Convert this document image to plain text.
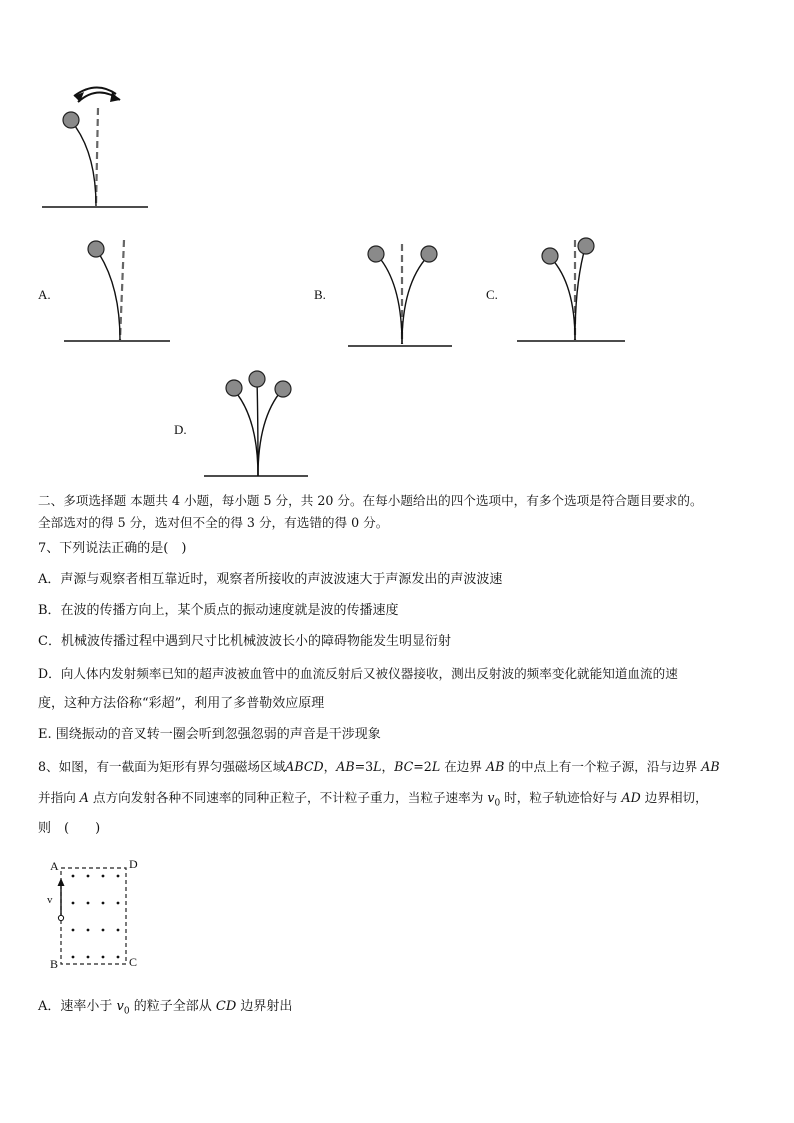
A.	B.	C.
D.
二、多项选择题 本题共 4 小题，每小题 5 分，共 20 分。在每小题给出的四个选项中，有多个选项是符合题目要求的。
全部选对的得 5 分，选对但不全的得 3 分，有选错的得 0 分。
7、下列说法正确的是(　)
A．声源与观察者相互靠近时，观察者所接收的声波波速大于声源发出的声波波速
B．在波的传播方向上，某个质点的振动速度就是波的传播速度
C．机械波传播过程中遇到尺寸比机械波波长小的障碍物能发生明显衍射
D．向人体内发射频率已知的超声波被血管中的血流反射后又被仪器接收，测出反射波的频率变化就能知道血流的速
度，这种方法俗称“彩超”，利用了多普勒效应原理
E. 围绕振动的音叉转一圈会听到忽强忽弱的声音是干涉现象
8、如图，有一截面为矩形有界匀强磁场区域ABCD，AB=3L，BC=2L 在边界 AB 的中点上有一个粒子源，沿与边界 AB
并指向 A 点方向发射各种不同速率的同种正粒子，不计粒子重力，当粒子速率为 $v_0$ 时，粒子轨迹恰好与 AD 边界相切，
则　(　　)
A	D
B	C
v
A．速率小于 $v_0$ 的粒子全部从 CD 边界射出
